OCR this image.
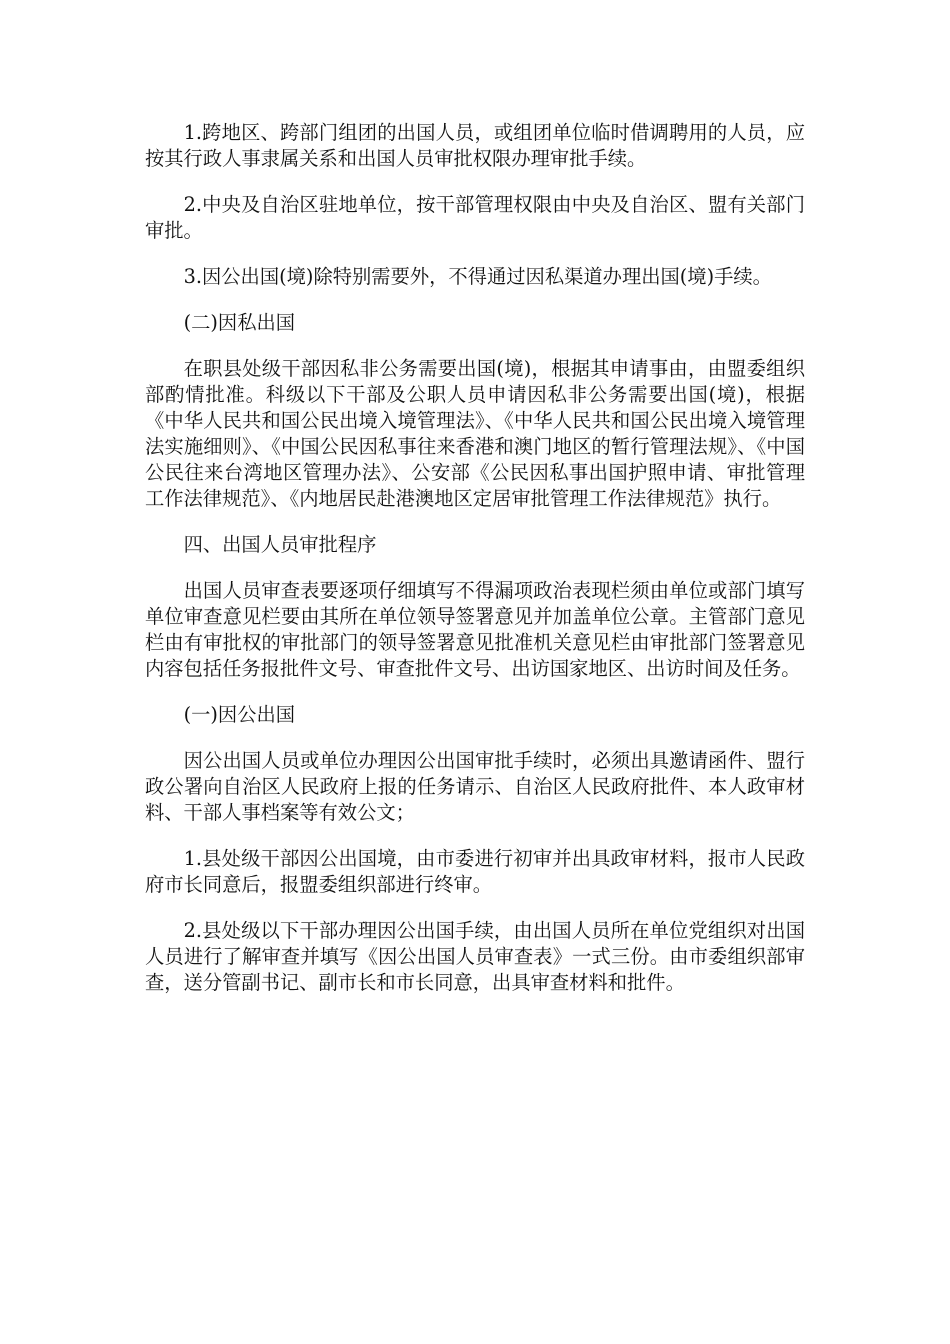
1.跨地区、跨部门组团的出国人员，或组团单位临时借调聘用的人员，应按其行政人事隶属关系和出国人员审批权限办理审批手续。

2.中央及自治区驻地单位，按干部管理权限由中央及自治区、盟有关部门审批。

3.因公出国(境)除特别需要外，不得通过因私渠道办理出国(境)手续。

(二)因私出国

在职县处级干部因私非公务需要出国(境)，根据其申请事由，由盟委组织部酌情批准。科级以下干部及公职人员申请因私非公务需要出国(境)，根据《中华人民共和国公民出境入境管理法》、《中华人民共和国公民出境入境管理法实施细则》、《中国公民因私事往来香港和澳门地区的暂行管理法规》、《中国公民往来台湾地区管理办法》、公安部《公民因私事出国护照申请、审批管理工作法律规范》、《内地居民赴港澳地区定居审批管理工作法律规范》执行。

四、出国人员审批程序

出国人员审查表要逐项仔细填写不得漏项政治表现栏须由单位或部门填写单位审查意见栏要由其所在单位领导签署意见并加盖单位公章。主管部门意见栏由有审批权的审批部门的领导签署意见批准机关意见栏由审批部门签署意见内容包括任务报批件文号、审查批件文号、出访国家地区、出访时间及任务。

(一)因公出国

因公出国人员或单位办理因公出国审批手续时，必须出具邀请函件、盟行政公署向自治区人民政府上报的任务请示、自治区人民政府批件、本人政审材料、干部人事档案等有效公文；

1.县处级干部因公出国境，由市委进行初审并出具政审材料，报市人民政府市长同意后，报盟委组织部进行终审。

2.县处级以下干部办理因公出国手续，由出国人员所在单位党组织对出国人员进行了解审查并填写《因公出国人员审查表》一式三份。由市委组织部审查，送分管副书记、副市长和市长同意，出具审查材料和批件。
